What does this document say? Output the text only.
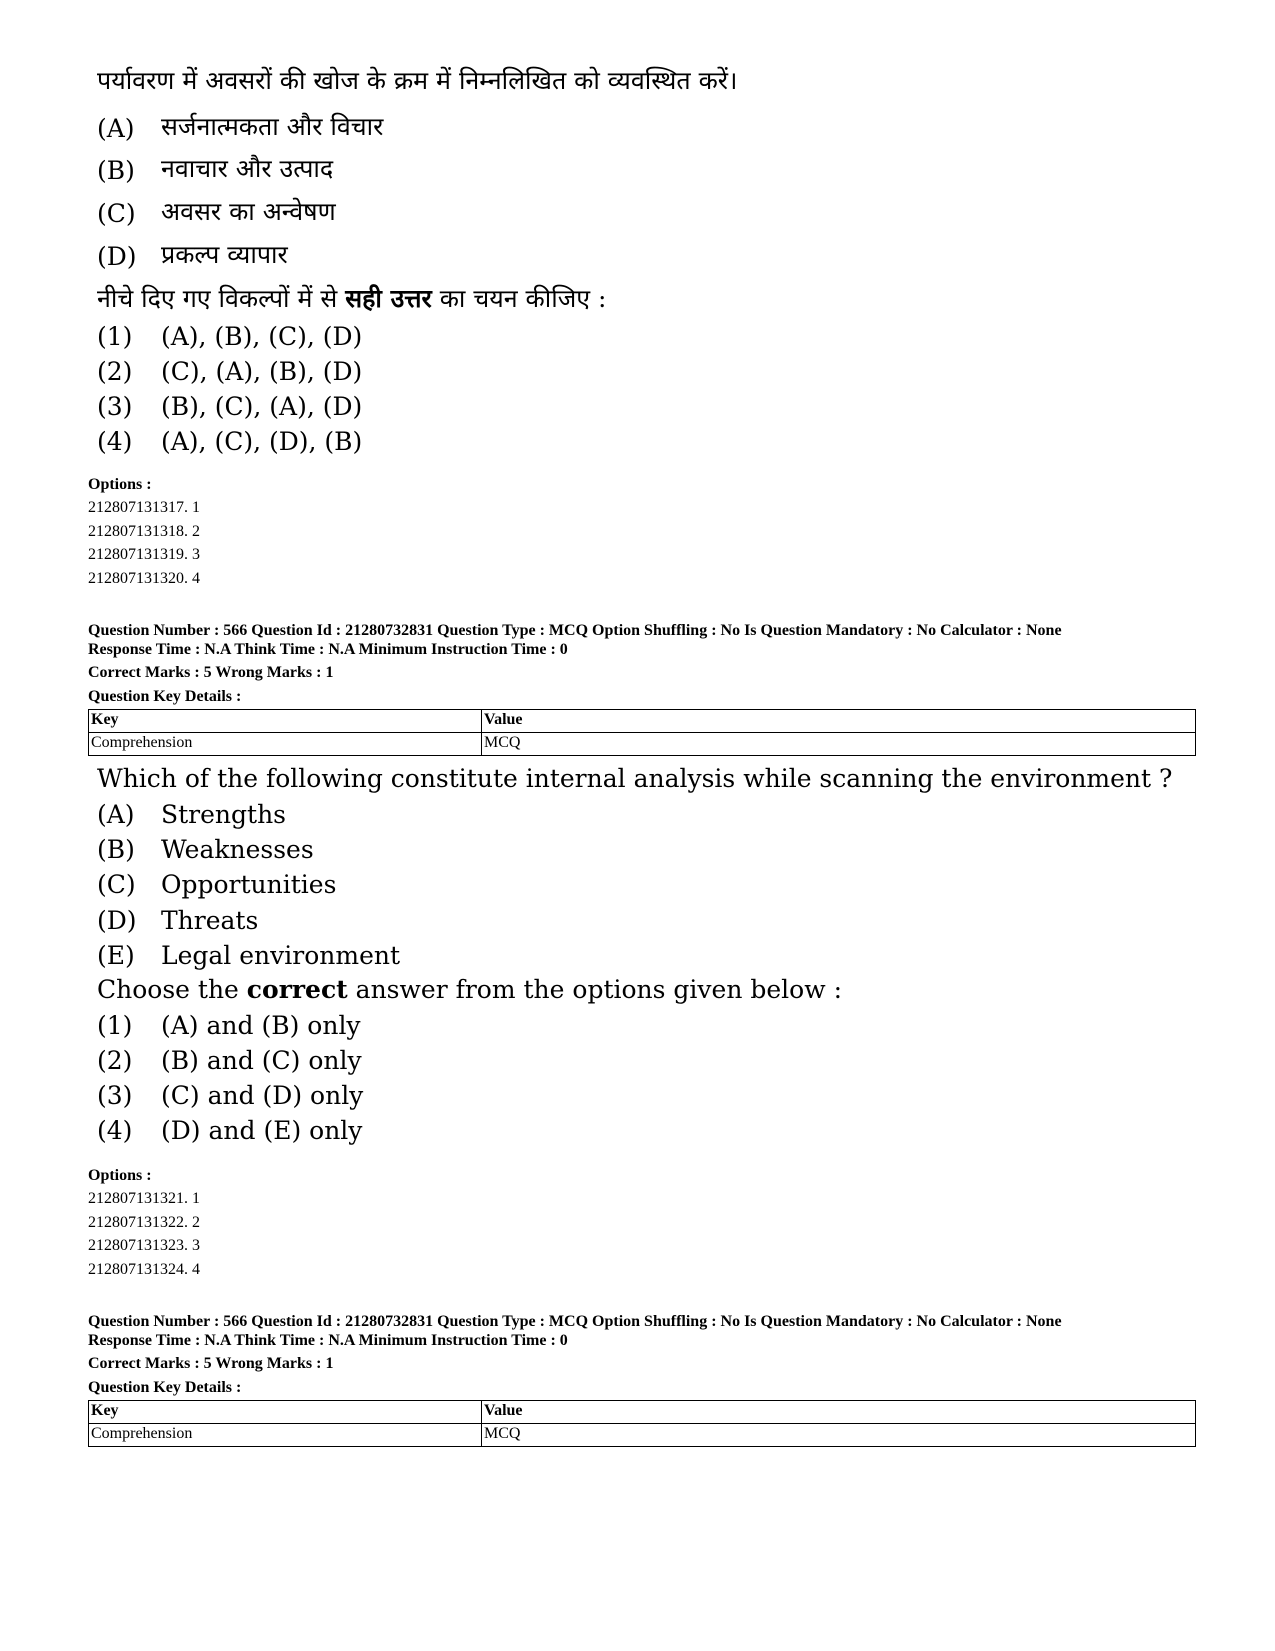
पर्यावरण में अवसरों की खोज के क्रम में निम्नलिखित को व्यवस्थित करें।
(A) सर्जनात्मकता और विचार
(B) नवाचार और उत्पाद
(C) अवसर का अन्वेषण
(D) प्रकल्प व्यापार
नीचे दिए गए विकल्पों में से सही उत्तर का चयन कीजिए :
(1) (A), (B), (C), (D)
(2) (C), (A), (B), (D)
(3) (B), (C), (A), (D)
(4) (A), (C), (D), (B)
Options :
212807131317. 1
212807131318. 2
212807131319. 3
212807131320. 4
Question Number : 566 Question Id : 21280732831 Question Type : MCQ Option Shuffling : No Is Question Mandatory : No Calculator : None
Response Time : N.A Think Time : N.A Minimum Instruction Time : 0
Correct Marks : 5 Wrong Marks : 1
Question Key Details :
Key	Value
Comprehension	MCQ
Which of the following constitute internal analysis while scanning the environment ?
(A) Strengths
(B) Weaknesses
(C) Opportunities
(D) Threats
(E) Legal environment
Choose the correct answer from the options given below :
(1) (A) and (B) only
(2) (B) and (C) only
(3) (C) and (D) only
(4) (D) and (E) only
Options :
212807131321. 1
212807131322. 2
212807131323. 3
212807131324. 4
Question Number : 566 Question Id : 21280732831 Question Type : MCQ Option Shuffling : No Is Question Mandatory : No Calculator : None
Response Time : N.A Think Time : N.A Minimum Instruction Time : 0
Correct Marks : 5 Wrong Marks : 1
Question Key Details :
Key	Value
Comprehension	MCQ
